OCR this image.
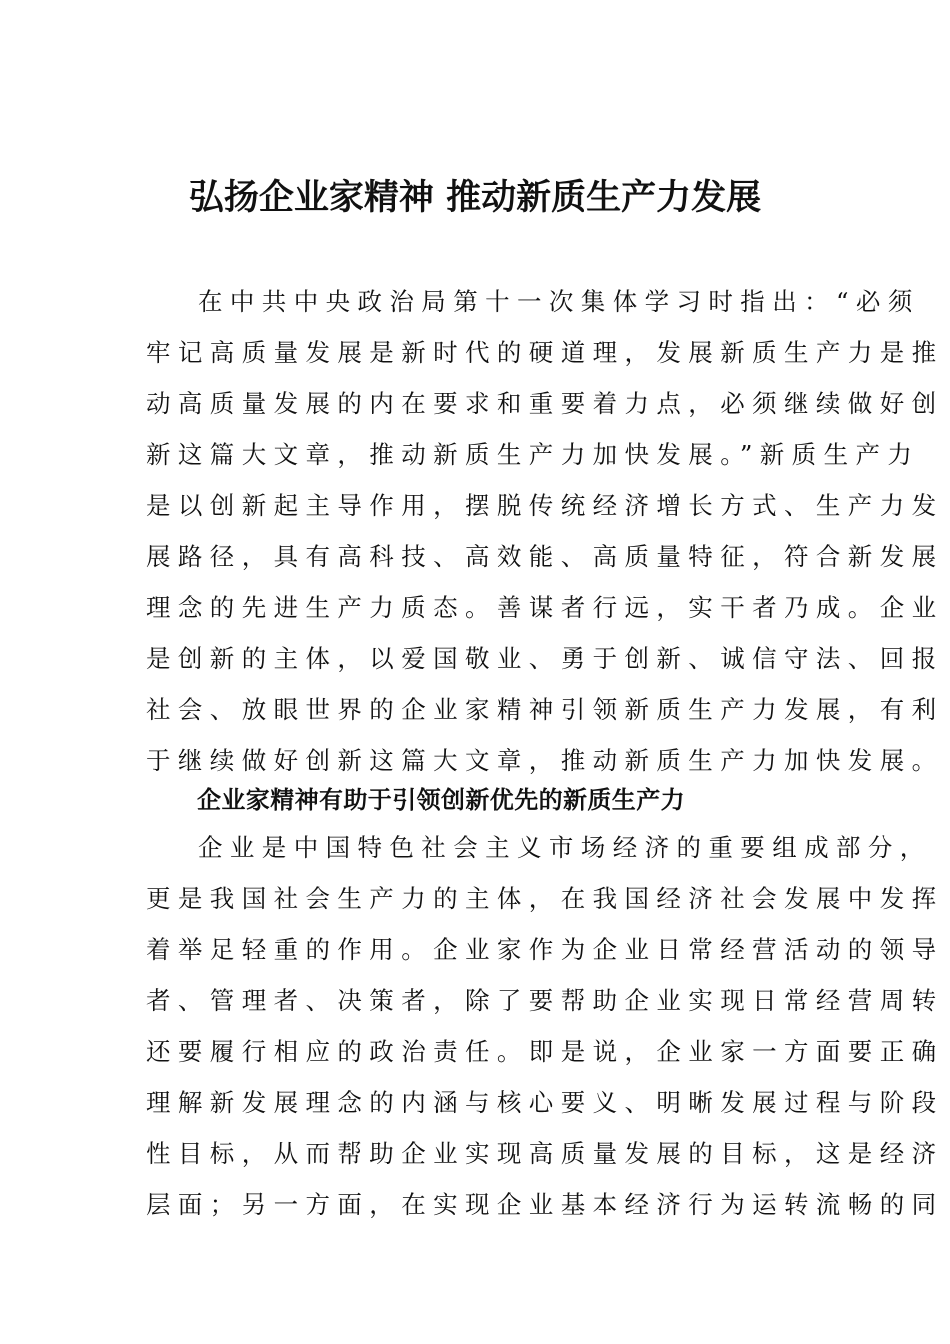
弘扬企业家精神 推动新质生产力发展
在中共中央政治局第十一次集体学习时指出：“必须
牢记高质量发展是新时代的硬道理，发展新质生产力是推
动高质量发展的内在要求和重要着力点，必须继续做好创
新这篇大文章，推动新质生产力加快发展。”新质生产力
是以创新起主导作用，摆脱传统经济增长方式、生产力发
展路径，具有高科技、高效能、高质量特征，符合新发展
理念的先进生产力质态。善谋者行远，实干者乃成。企业
是创新的主体，以爱国敬业、勇于创新、诚信守法、回报
社会、放眼世界的企业家精神引领新质生产力发展，有利
于继续做好创新这篇大文章，推动新质生产力加快发展。
企业家精神有助于引领创新优先的新质生产力
企业是中国特色社会主义市场经济的重要组成部分，
更是我国社会生产力的主体，在我国经济社会发展中发挥
着举足轻重的作用。企业家作为企业日常经营活动的领导
者、管理者、决策者，除了要帮助企业实现日常经营周转
还要履行相应的政治责任。即是说，企业家一方面要正确
理解新发展理念的内涵与核心要义、明晰发展过程与阶段
性目标，从而帮助企业实现高质量发展的目标，这是经济
层面；另一方面，在实现企业基本经济行为运转流畅的同
